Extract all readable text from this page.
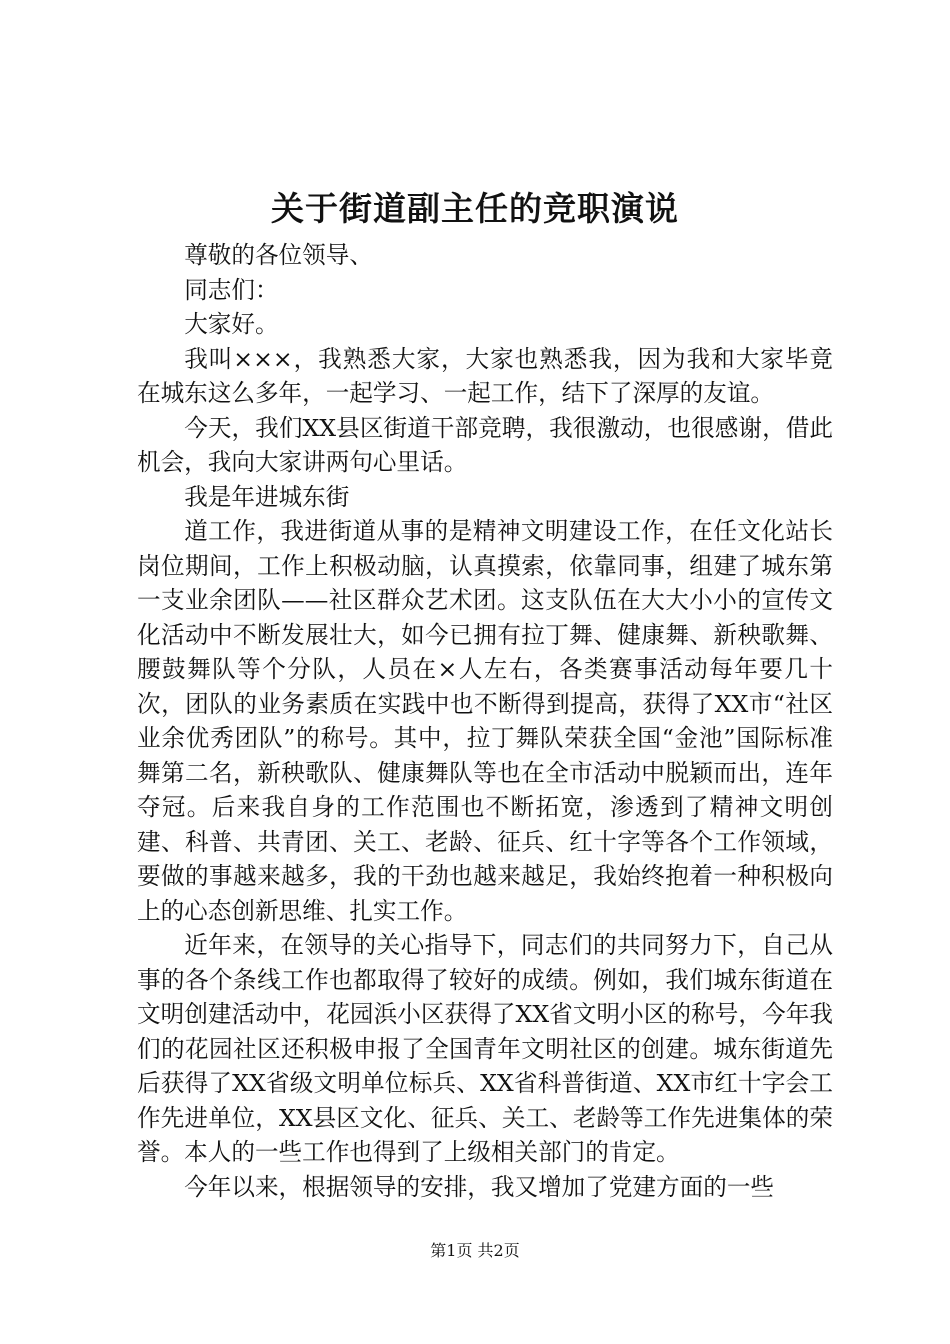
关于街道副主任的竞职演说

尊敬的各位领导、

同志们：

大家好。

我叫×××，我熟悉大家，大家也熟悉我，因为我和大家毕竟在城东这么多年，一起学习、一起工作，结下了深厚的友谊。

今天，我们XX县区街道干部竞聘，我很激动，也很感谢，借此机会，我向大家讲两句心里话。

我是年进城东街

道工作，我进街道从事的是精神文明建设工作，在任文化站长岗位期间，工作上积极动脑，认真摸索，依靠同事，组建了城东第一支业余团队——社区群众艺术团。这支队伍在大大小小的宣传文化活动中不断发展壮大，如今已拥有拉丁舞、健康舞、新秧歌舞、腰鼓舞队等个分队，人员在×人左右，各类赛事活动每年要几十次，团队的业务素质在实践中也不断得到提高，获得了XX市“社区业余优秀团队”的称号。其中，拉丁舞队荣获全国“金池”国际标准舞第二名，新秧歌队、健康舞队等也在全市活动中脱颖而出，连年夺冠。后来我自身的工作范围也不断拓宽，渗透到了精神文明创建、科普、共青团、关工、老龄、征兵、红十字等各个工作领域，要做的事越来越多，我的干劲也越来越足，我始终抱着一种积极向上的心态创新思维、扎实工作。

近年来，在领导的关心指导下，同志们的共同努力下，自己从事的各个条线工作也都取得了较好的成绩。例如，我们城东街道在文明创建活动中，花园浜小区获得了XX省文明小区的称号，今年我们的花园社区还积极申报了全国青年文明社区的创建。城东街道先后获得了XX省级文明单位标兵、XX省科普街道、XX市红十字会工作先进单位，XX县区文化、征兵、关工、老龄等工作先进集体的荣誉。本人的一些工作也得到了上级相关部门的肯定。

今年以来，根据领导的安排，我又增加了党建方面的一些

第1页 共2页
